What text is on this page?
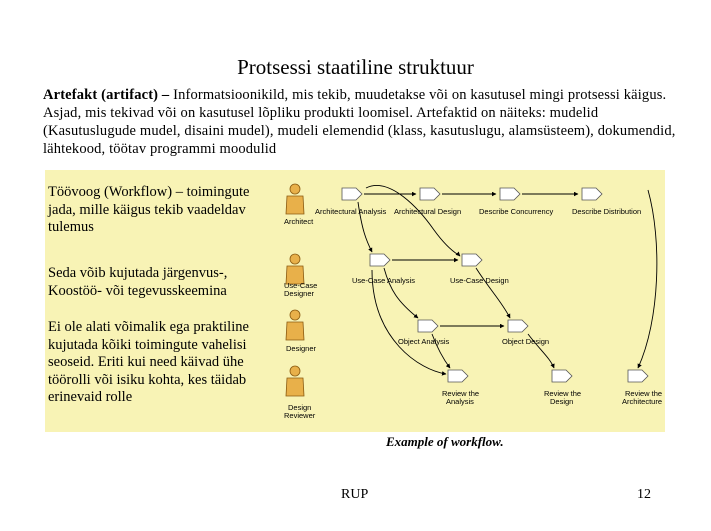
Protsessi staatiline struktuur
Artefakt (artifact) – Informatsioonikild, mis tekib, muudetakse või on kasutusel mingi protsessi käigus. Asjad, mis tekivad või on kasutusel lõpliku produkti loomisel. Artefaktid on näiteks: mudelid (Kasutuslugude mudel, disaini mudel), mudeli elemendid (klass, kasutuslugu, alamsüsteem), dokumendid, lähtekood, töötav programmi moodulid
Töövoog (Workflow) – toimingute jada, mille käigus tekib vaadeldav tulemus
Seda võib kujutada järgenvus-, Koostöö- või tegevusskeemina
Ei ole alati võimalik ega praktiline kujutada kõiki toimingute vahelisi seoseid. Eriti kui need käivad ühe töörolli või isiku kohta, kes täidab erinevaid rolle
Architect
Use-Case Designer
Designer
Design Reviewer
Architectural Analysis Architectural Design Describe Concurrency	Describe Distribution
Use-Case Analysis	Use-Case Design
Object Analysis	Object Design
Review the Analysis
Review the Design
Review the Architecture
Example of workflow.
RUP	12
